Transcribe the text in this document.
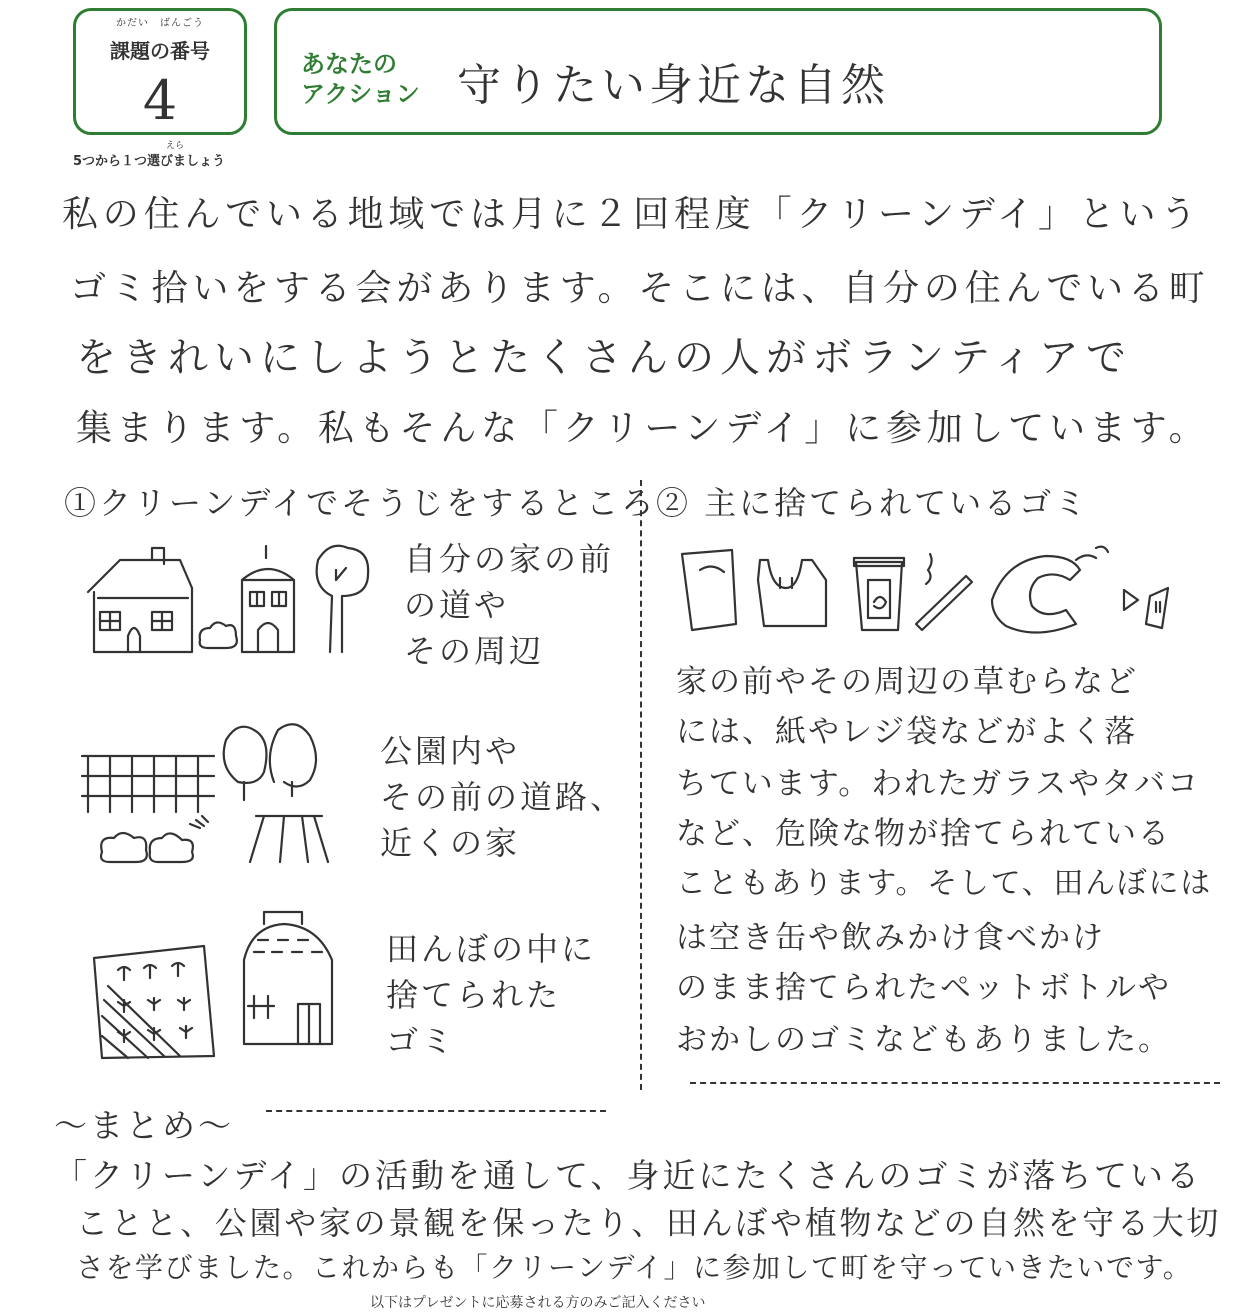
かだい　ばんごう
課題の番号
4
えら
5つから１つ選びましょう
あなたの
アクション 守りたい身近な自然
私の住んでいる地域では月に２回程度「クリーンデイ」という
ゴミ拾いをする会があります。そこには、自分の住んでいる町
をきれいにしようとたくさんの人がボランティアで
集まります。私もそんな「クリーンデイ」に参加しています。
①クリーンデイでそうじをするところ ② 主に捨てられているゴミ
自分の家の前
の道や
その周辺
公園内や
その前の道路、
近くの家
田んぼの中に
捨てられた
ゴミ
家の前やその周辺の草むらなど
には、紙やレジ袋などがよく落
ちています。われたガラスやタバコ
など、危険な物が捨てられている
こともあります。そして、田んぼには
は空き缶や飲みかけ食べかけ
のまま捨てられたペットボトルや
おかしのゴミなどもありました。
〜まとめ〜
「クリーンデイ」の活動を通して、身近にたくさんのゴミが落ちている
ことと、公園や家の景観を保ったり、田んぼや植物などの自然を守る大切
さを学びました。これからも「クリーンデイ」に参加して町を守っていきたいです。
以下はプレゼントに応募される方のみご記入ください
